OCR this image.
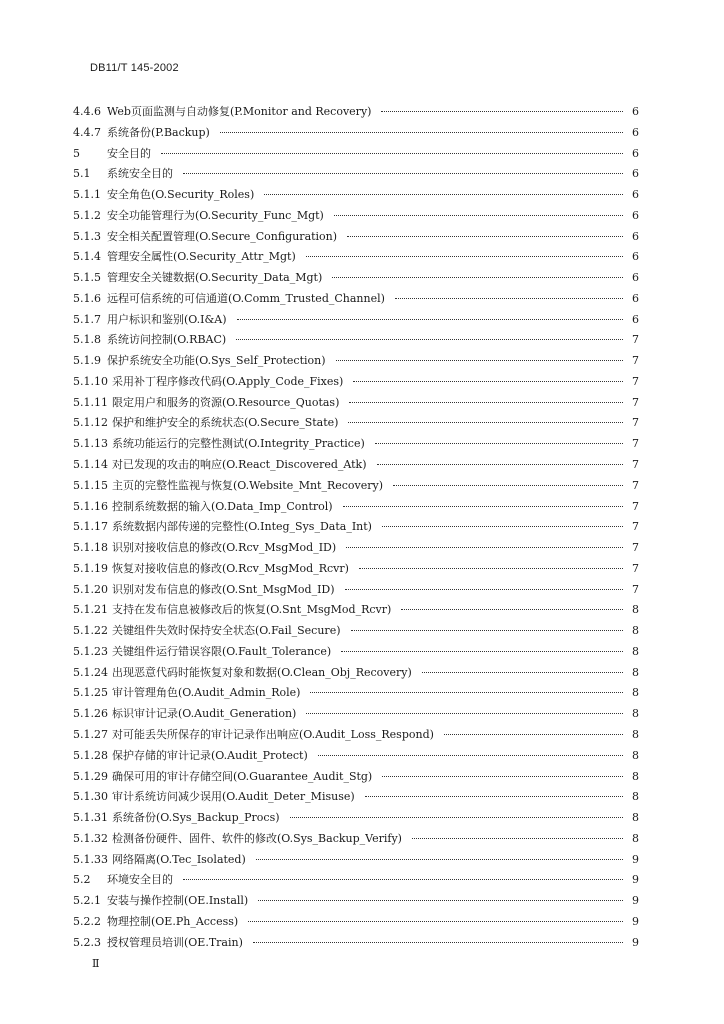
DB11/T 145-2002
4.4.6 Web页面监测与自动修复(P.Monitor and Recovery)	6
4.4.7 系统备份(P.Backup)	6
5	安全目的	6
5.1	系统安全目的	6
5.1.1 安全角色(O.Security_Roles)	6
5.1.2 安全功能管理行为(O.Security_Func_Mgt)	6
5.1.3 安全相关配置管理(O.Secure_Configuration)	6
5.1.4 管理安全属性(O.Security_Attr_Mgt)	6
5.1.5 管理安全关键数据(O.Security_Data_Mgt)	6
5.1.6 远程可信系统的可信通道(O.Comm_Trusted_Channel)	6
5.1.7 用户标识和鉴别(O.I&A)	6
5.1.8 系统访问控制(O.RBAC)	7
5.1.9 保护系统安全功能(O.Sys_Self_Protection)	7
5.1.10 采用补丁程序修改代码(O.Apply_Code_Fixes)	7
5.1.11 限定用户和服务的资源(O.Resource_Quotas)	7
5.1.12 保护和维护安全的系统状态(O.Secure_State)	7
5.1.13 系统功能运行的完整性测试(O.Integrity_Practice)	7
5.1.14 对已发现的攻击的响应(O.React_Discovered_Atk)	7
5.1.15 主页的完整性监视与恢复(O.Website_Mnt_Recovery)	7
5.1.16 控制系统数据的输入(O.Data_Imp_Control)	7
5.1.17 系统数据内部传递的完整性(O.Integ_Sys_Data_Int)	7
5.1.18 识别对接收信息的修改(O.Rcv_MsgMod_ID)	7
5.1.19 恢复对接收信息的修改(O.Rcv_MsgMod_Rcvr)	7
5.1.20 识别对发布信息的修改(O.Snt_MsgMod_ID)	7
5.1.21 支持在发布信息被修改后的恢复(O.Snt_MsgMod_Rcvr)	8
5.1.22 关键组件失效时保持安全状态(O.Fail_Secure)	8
5.1.23 关键组件运行错误容限(O.Fault_Tolerance)	8
5.1.24 出现恶意代码时能恢复对象和数据(O.Clean_Obj_Recovery)	8
5.1.25 审计管理角色(O.Audit_Admin_Role)	8
5.1.26 标识审计记录(O.Audit_Generation)	8
5.1.27 对可能丢失所保存的审计记录作出响应(O.Audit_Loss_Respond)	8
5.1.28 保护存储的审计记录(O.Audit_Protect)	8
5.1.29 确保可用的审计存储空间(O.Guarantee_Audit_Stg)	8
5.1.30 审计系统访问减少误用(O.Audit_Deter_Misuse)	8
5.1.31 系统备份(O.Sys_Backup_Procs)	8
5.1.32 检测备份硬件、固件、软件的修改(O.Sys_Backup_Verify)	8
5.1.33 网络隔离(O.Tec_Isolated)	9
5.2	环境安全目的	9
5.2.1 安装与操作控制(OE.Install)	9
5.2.2 物理控制(OE.Ph_Access)	9
5.2.3 授权管理员培训(OE.Train)	9
Ⅱ
